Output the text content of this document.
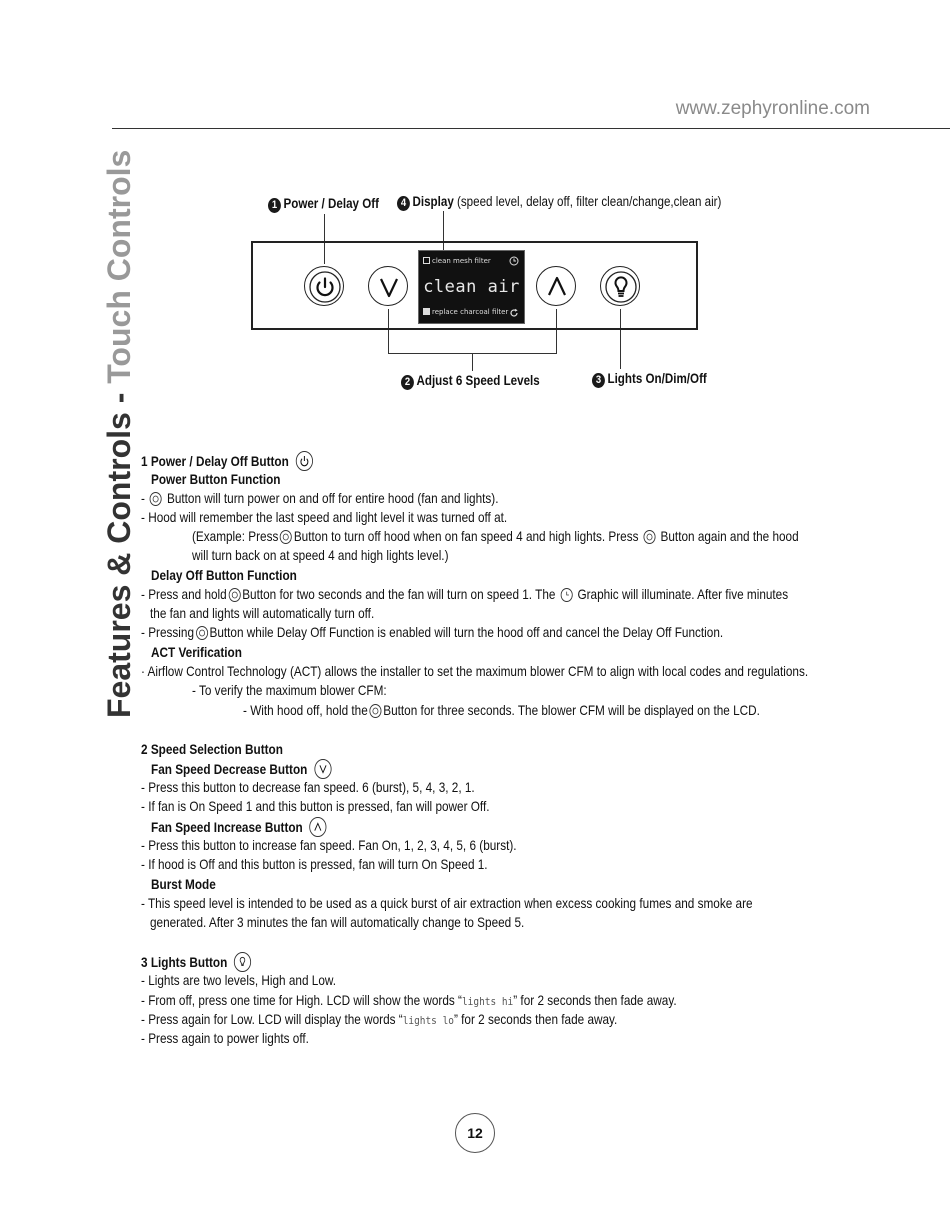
www.zephyronline.com
Features & Controls - Touch Controls	1 Power / Delay Off	4 Display (speed level, delay off, filter clean/change,clean air)
2 Adjust 6 Speed Levels	3 Lights On/Dim/Off
clean mesh filter
clean air
replace charcoal filter
1 Power / Delay Off Button
Power Button Function
-
Button will turn power on and off for entire hood (fan and lights).
- Hood will remember the last speed and light level it was turned off at.
(Example: Press Button to turn off hood when on fan speed 4 and high lights. Press Button again and the hood
will turn back on at speed 4 and high lights level.)
Delay Off Button Function
- Press and hold Button for two seconds and the fan will turn on speed 1. The Graphic will illuminate. After five minutes
the fan and lights will automatically turn off.
- Pressing Button while Delay Off Function is enabled will turn the hood off and cancel the Delay Off Function.
ACT Verification
· Airflow Control Technology (ACT) allows the installer to set the maximum blower CFM to align with local codes and regulations.
- To verify the maximum blower CFM:
- With hood off, hold the Button for three seconds. The blower CFM will be displayed on the LCD.
2 Speed Selection Button
Fan Speed Decrease Button
- Press this button to decrease fan speed. 6 (burst), 5, 4, 3, 2, 1.
- If fan is On Speed 1 and this button is pressed, fan will power Off.
Fan Speed Increase Button
- Press this button to increase fan speed. Fan On, 1, 2, 3, 4, 5, 6 (burst).
- If hood is Off and this button is pressed, fan will turn On Speed 1.
Burst Mode
- This speed level is intended to be used as a quick burst of air extraction when excess cooking fumes and smoke are
generated. After 3 minutes the fan will automatically change to Speed 5.
3 Lights Button
- Lights are two levels, High and Low.
- From off, press one time for High. LCD will show the words “lights hi” for 2 seconds then fade away.
- Press again for Low. LCD will display the words “lights lo” for 2 seconds then fade away.
- Press again to power lights off.
12
